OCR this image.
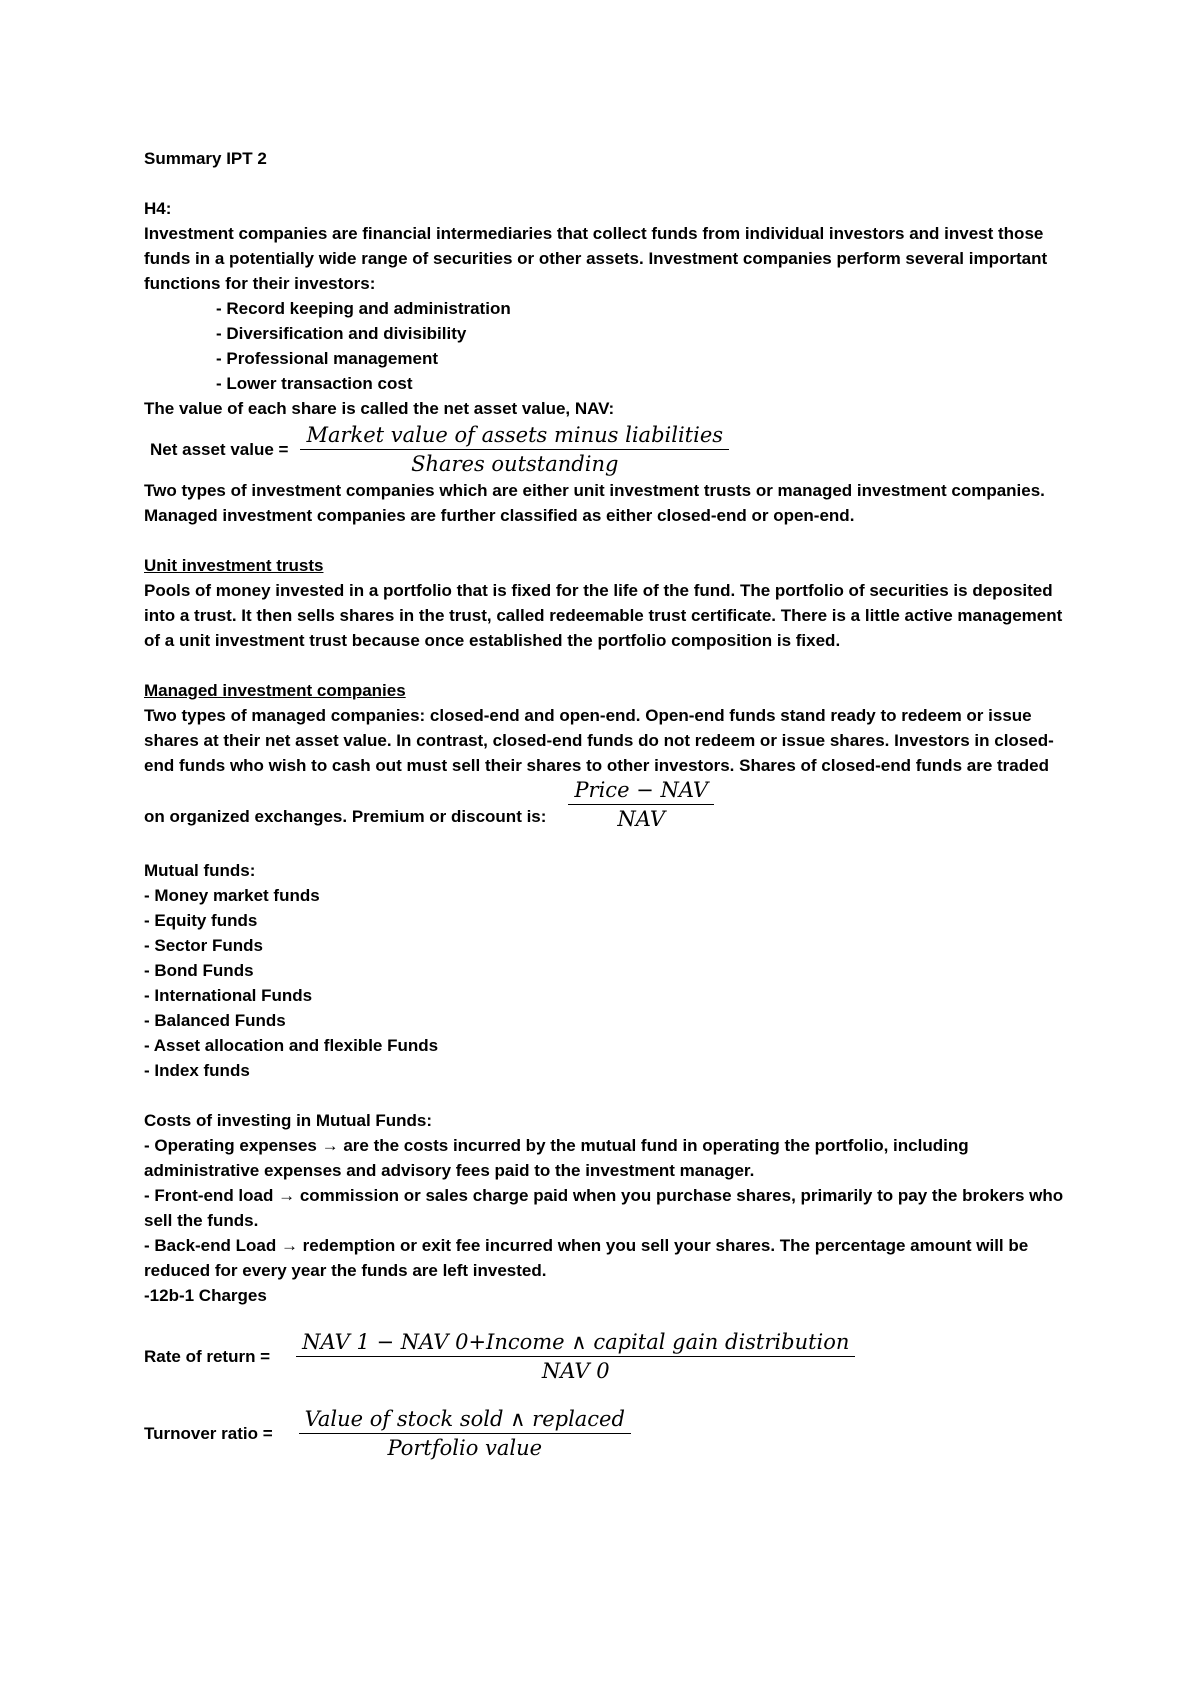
Summary IPT 2

H4:

Investment companies are financial intermediaries that collect funds from individual investors and invest those funds in a potentially wide range of securities or other assets. Investment companies perform several important functions for their investors:

- Record keeping and administration

- Diversification and divisibility

- Professional management

- Lower transaction cost

The value of each share is called the net asset value, NAV:

Net asset value = $\frac{\text{Market value of assets minus liabilities}}{\text{Shares outstanding}}$

Two types of investment companies which are either unit investment trusts or managed investment companies. Managed investment companies are further classified as either closed-end or open-end.

Unit investment trusts

Pools of money invested in a portfolio that is fixed for the life of the fund. The portfolio of securities is deposited into a trust. It then sells shares in the trust, called redeemable trust certificate. There is a little active management of a unit investment trust because once established the portfolio composition is fixed.

Managed investment companies

Two types of managed companies: closed-end and open-end. Open-end funds stand ready to redeem or issue shares at their net asset value. In contrast, closed-end funds do not redeem or issue shares. Investors in closed-end funds who wish to cash out must sell their shares to other investors. Shares of closed-end funds are traded

on organized exchanges. Premium or discount is: $\frac{\text{Price − NAV}}{\text{NAV}}$

Mutual funds:

- Money market funds

- Equity funds

- Sector Funds

- Bond Funds

- International Funds

- Balanced Funds

- Asset allocation and flexible Funds

- Index funds

Costs of investing in Mutual Funds:

- Operating expenses → are the costs incurred by the mutual fund in operating the portfolio, including administrative expenses and advisory fees paid to the investment manager.

- Front-end load → commission or sales charge paid when you purchase shares, primarily to pay the brokers who sell the funds.

- Back-end Load → redemption or exit fee incurred when you sell your shares. The percentage amount will be reduced for every year the funds are left invested.

-12b-1 Charges

Rate of return = $\frac{\text{NAV 1 − NAV 0+Income ∧ capital gain distribution}}{\text{NAV 0}}$
Turnover ratio = $\frac{\text{Value of stock sold ∧ replaced}}{\text{Portfolio value}}$
